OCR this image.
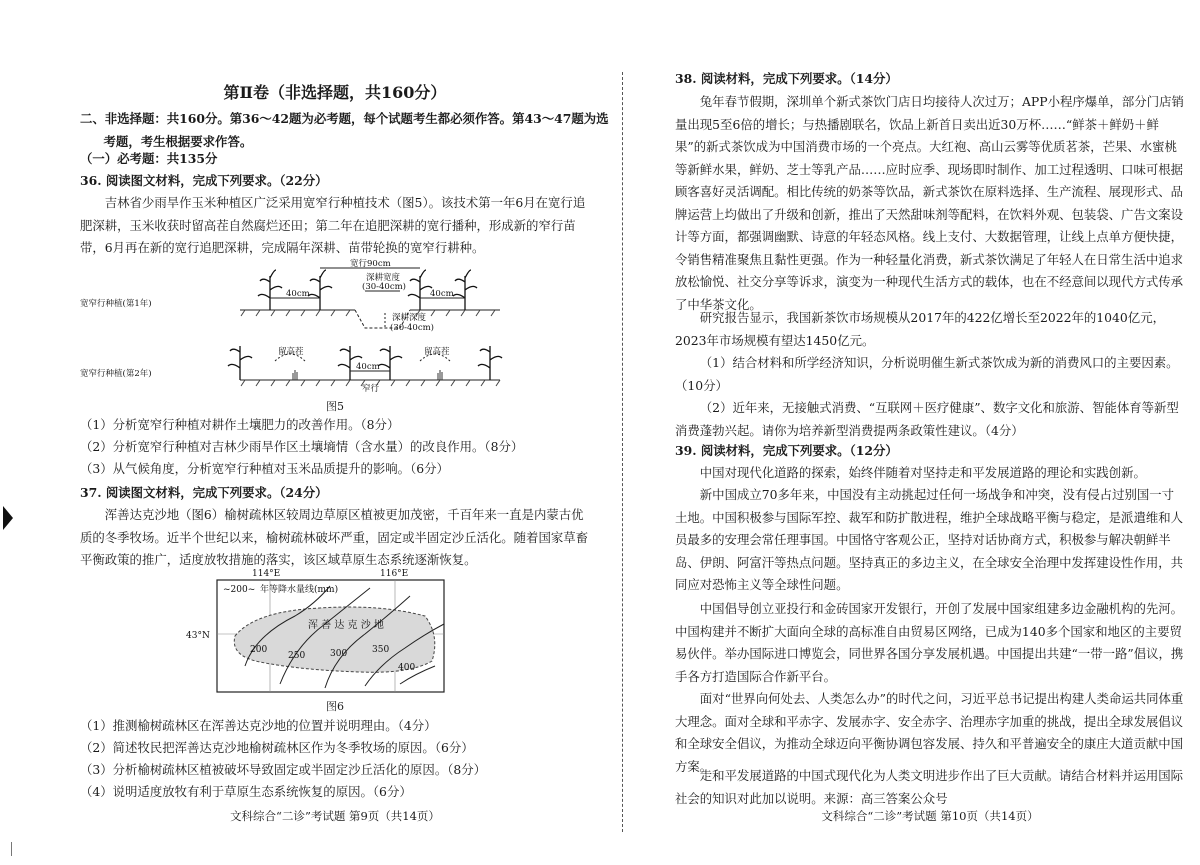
第Ⅱ卷（非选择题，共160分）

二、非选择题：共160分。第36～42题为必考题，每个试题考生都必须作答。第43～47题为选考题，考生根据要求作答。

（一）必考题：共135分

36. 阅读图文材料，完成下列要求。（22分）

吉林省少雨旱作玉米种植区广泛采用宽窄行种植技术（图5）。该技术第一年6月在宽行追肥深耕，玉米收获时留高茬自然腐烂还田；第二年在追肥深耕的宽行播种，形成新的窄行苗带，6月再在新的宽行追肥深耕，完成隔年深耕、苗带轮换的宽窄行耕种。

宽窄行种植(第1年)
宽窄行种植(第2年)
宽行90cm
40cm	40cm
深耕宽度
(30-40cm)
深耕深度
(30-40cm)
留高茬	留高茬
40cm
窄行
图5

（1）分析宽窄行种植对耕作土壤肥力的改善作用。（8分）

（2）分析宽窄行种植对吉林少雨旱作区土壤墒情（含水量）的改良作用。（8分）

（3）从气候角度，分析宽窄行种植对玉米品质提升的影响。（6分）

37. 阅读图文材料，完成下列要求。（24分）

浑善达克沙地（图6）榆树疏林区较周边草原区植被更加茂密，千百年来一直是内蒙古优质的冬季牧场。近半个世纪以来，榆树疏林破坏严重，固定或半固定沙丘活化。随着国家草畜平衡政策的推广，适度放牧措施的落实，该区域草原生态系统逐渐恢复。

114°E	116°E
43°N
~200~ 年等降水量线(mm)
浑 善 达 克 沙 地
200
250	300	350
400
图6

（1）推测榆树疏林区在浑善达克沙地的位置并说明理由。（4分）

（2）简述牧民把浑善达克沙地榆树疏林区作为冬季牧场的原因。（6分）

（3）分析榆树疏林区植被破坏导致固定或半固定沙丘活化的原因。（8分）

（4）说明适度放牧有利于草原生态系统恢复的原因。（6分）

文科综合“二诊”考试题 第9页（共14页）

38. 阅读材料，完成下列要求。（14分）

兔年春节假期，深圳单个新式茶饮门店日均接待人次过万；APP小程序爆单，部分门店销量出现5至6倍的增长；与热播剧联名，饮品上新首日卖出近30万杯……“鲜茶＋鲜奶＋鲜果”的新式茶饮成为中国消费市场的一个亮点。大红袍、高山云雾等优质茗茶，芒果、水蜜桃等新鲜水果，鲜奶、芝士等乳产品……应时应季、现场即时制作、加工过程透明、口味可根据顾客喜好灵活调配。相比传统的奶茶等饮品，新式茶饮在原料选择、生产流程、展现形式、品牌运营上均做出了升级和创新，推出了天然甜味剂等配料，在饮料外观、包装袋、广告文案设计等方面，都强调幽默、诗意的年轻态风格。线上支付、大数据管理，让线上点单方便快捷，令销售精准聚焦且黏性更强。作为一种轻量化消费，新式茶饮满足了年轻人在日常生活中追求放松愉悦、社交分享等诉求，演变为一种现代生活方式的载体，也在不经意间以现代方式传承了中华茶文化。

研究报告显示，我国新茶饮市场规模从2017年的422亿增长至2022年的1040亿元，2023年市场规模有望达1450亿元。

（1）结合材料和所学经济知识，分析说明催生新式茶饮成为新的消费风口的主要因素。（10分）

（2）近年来，无接触式消费、“互联网＋医疗健康”、数字文化和旅游、智能体育等新型消费蓬勃兴起。请你为培养新型消费提两条政策性建议。（4分）

39. 阅读材料，完成下列要求。（12分）

中国对现代化道路的探索，始终伴随着对坚持走和平发展道路的理论和实践创新。

新中国成立70多年来，中国没有主动挑起过任何一场战争和冲突，没有侵占过别国一寸土地。中国积极参与国际军控、裁军和防扩散进程，维护全球战略平衡与稳定，是派遣维和人员最多的安理会常任理事国。中国恪守客观公正，坚持对话协商方式，积极参与解决朝鲜半岛、伊朗、阿富汗等热点问题。坚持真正的多边主义，在全球安全治理中发挥建设性作用，共同应对恐怖主义等全球性问题。

中国倡导创立亚投行和金砖国家开发银行，开创了发展中国家组建多边金融机构的先河。中国构建并不断扩大面向全球的高标准自由贸易区网络，已成为140多个国家和地区的主要贸易伙伴。举办国际进口博览会，同世界各国分享发展机遇。中国提出共建“一带一路”倡议，携手各方打造国际合作新平台。

面对“世界向何处去、人类怎么办”的时代之问，习近平总书记提出构建人类命运共同体重大理念。面对全球和平赤字、发展赤字、安全赤字、治理赤字加重的挑战，提出全球发展倡议和全球安全倡议，为推动全球迈向平衡协调包容发展、持久和平普遍安全的康庄大道贡献中国方案。

走和平发展道路的中国式现代化为人类文明进步作出了巨大贡献。请结合材料并运用国际社会的知识对此加以说明。来源：高三答案公众号

文科综合“二诊”考试题 第10页（共14页）
